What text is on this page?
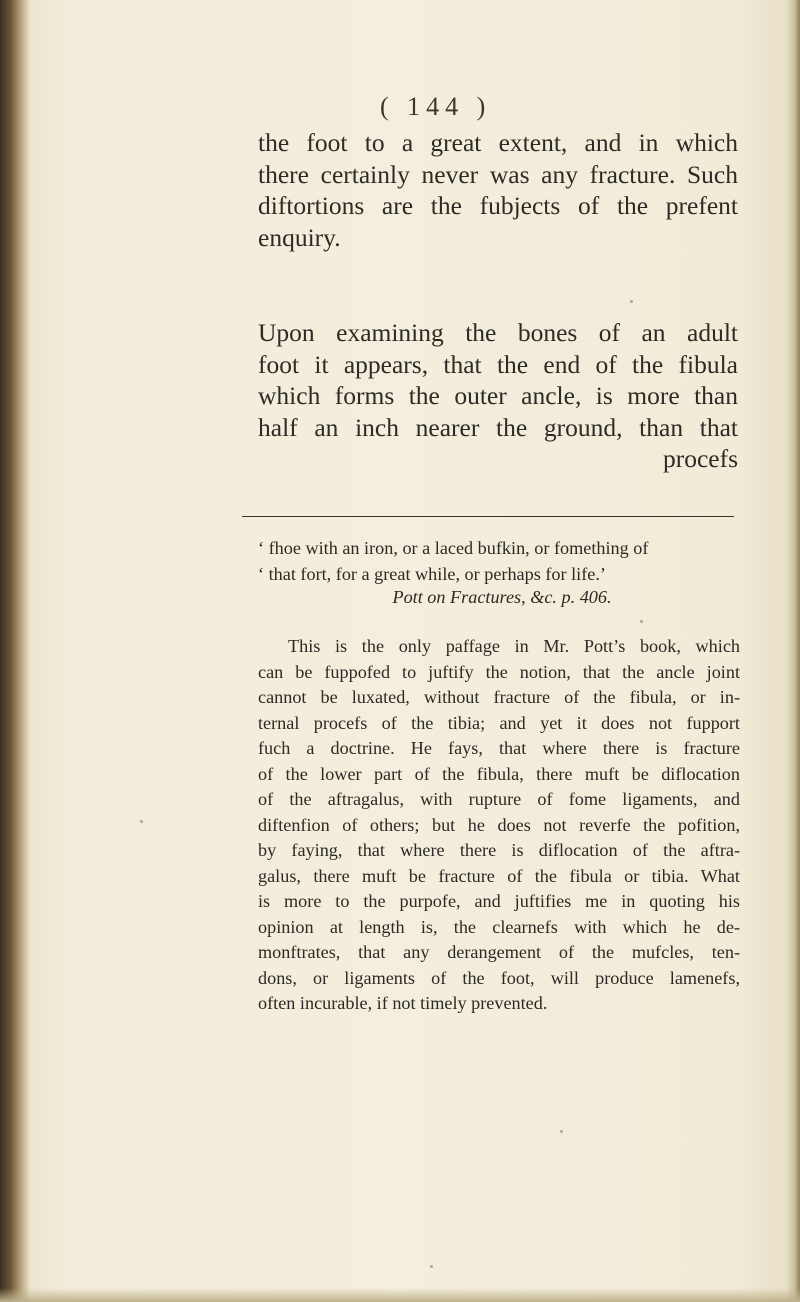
( 144 )

the foot to a great extent, and in which
there certainly never was any fracture. Such
diftortions are the fubjects of the prefent
enquiry.

Upon examining the bones of an adult
foot it appears, that the end of the fibula
which forms the outer ancle, is more than
half an inch nearer the ground, than that
procefs

‘ fhoe with an iron, or a laced bufkin, or fomething of
‘ that fort, for a great while, or perhaps for life.’

Pott on Fractures, &c. p. 406.

This is the only paffage in Mr. Pott’s book, which
can be fuppofed to juftify the notion, that the ancle joint
cannot be luxated, without fracture of the fibula, or in-
ternal procefs of the tibia; and yet it does not fupport
fuch a doctrine. He fays, that where there is fracture
of the lower part of the fibula, there muft be diflocation
of the aftragalus, with rupture of fome ligaments, and
diftenfion of others; but he does not reverfe the pofition,
by faying, that where there is diflocation of the aftra-
galus, there muft be fracture of the fibula or tibia. What
is more to the purpofe, and juftifies me in quoting his
opinion at length is, the clearnefs with which he de-
monftrates, that any derangement of the mufcles, ten-
dons, or ligaments of the foot, will produce lamenefs,
often incurable, if not timely prevented.
